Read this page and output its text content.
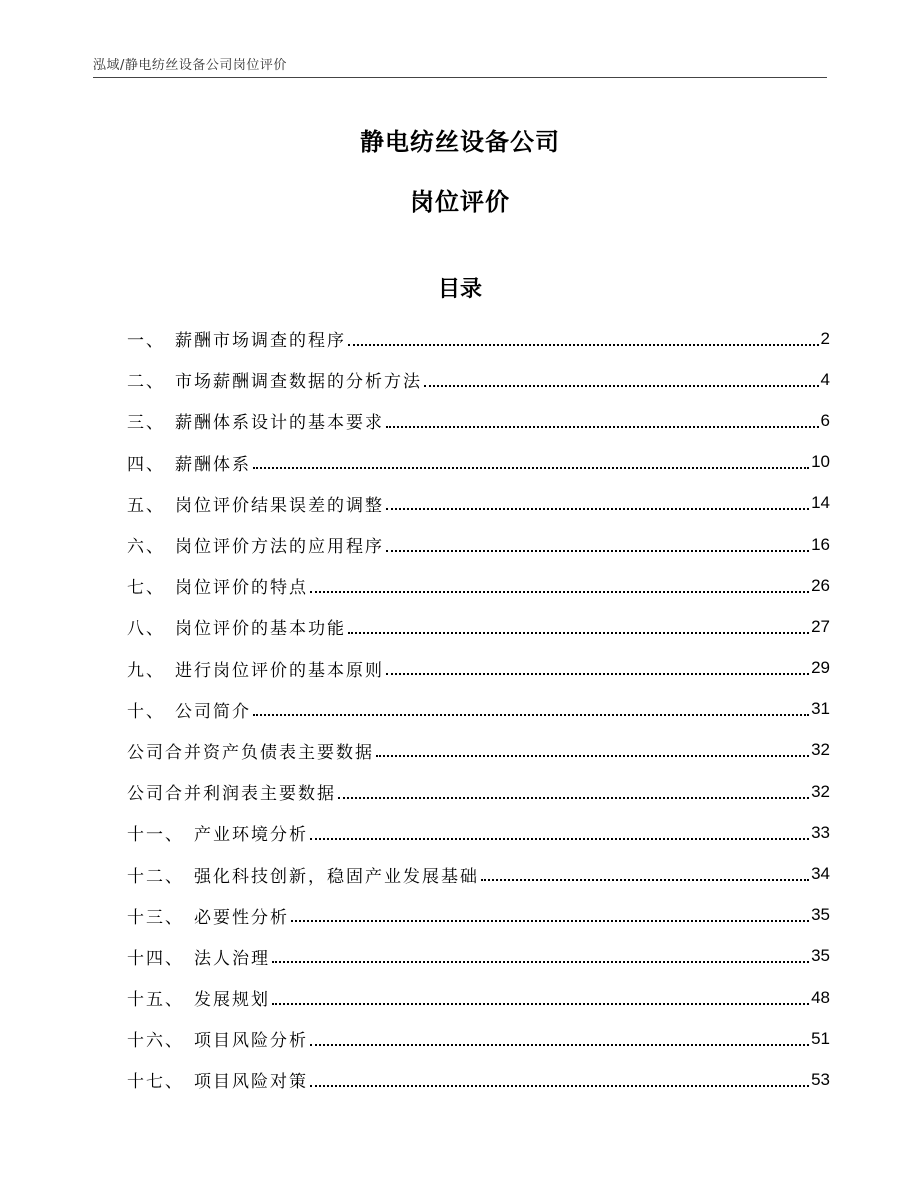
泓域/静电纺丝设备公司岗位评价
静电纺丝设备公司
岗位评价
目录
一、 薪酬市场调查的程序	2
二、 市场薪酬调查数据的分析方法	4
三、 薪酬体系设计的基本要求	6
四、 薪酬体系	10
五、 岗位评价结果误差的调整	14
六、 岗位评价方法的应用程序	16
七、 岗位评价的特点	26
八、 岗位评价的基本功能	27
九、 进行岗位评价的基本原则	29
十、 公司简介	31
公司合并资产负债表主要数据	32
公司合并利润表主要数据	32
十一、 产业环境分析	33
十二、 强化科技创新，稳固产业发展基础	34
十三、 必要性分析	35
十四、 法人治理	35
十五、 发展规划	48
十六、 项目风险分析	51
十七、 项目风险对策	53
